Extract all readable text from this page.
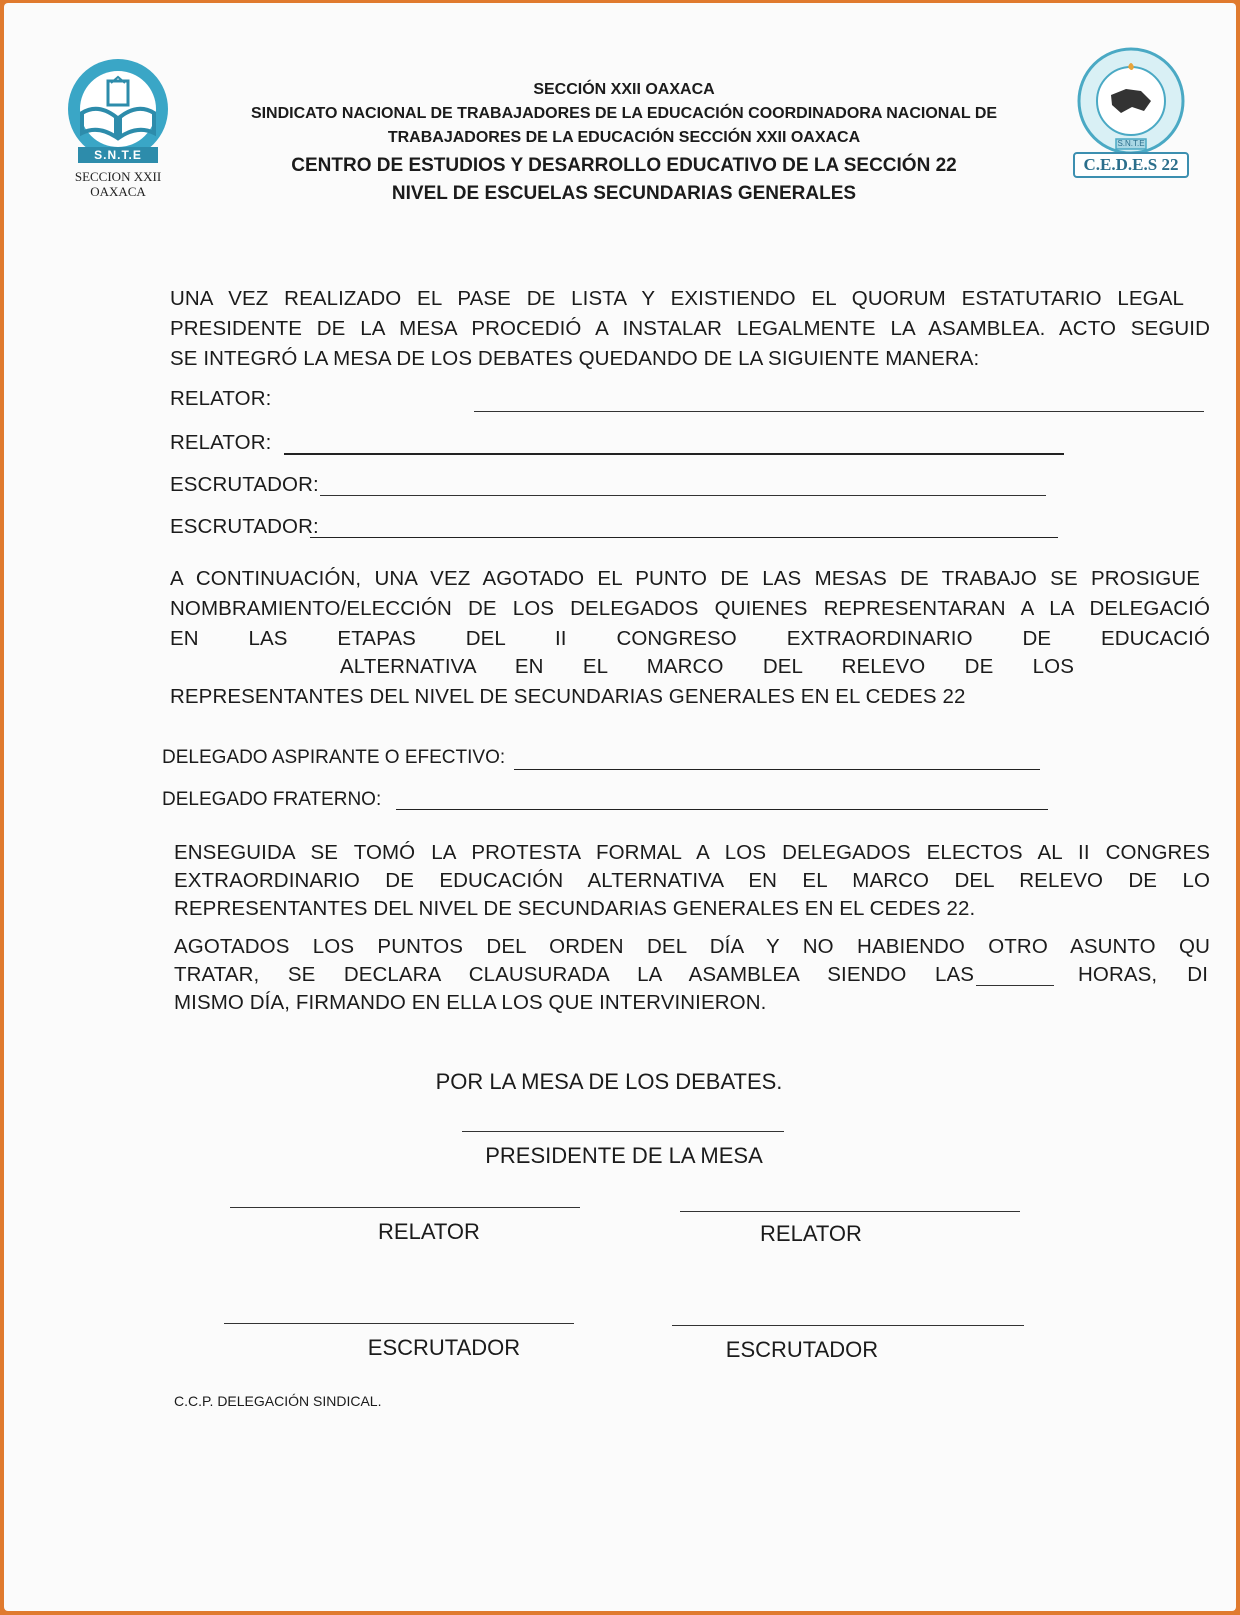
S.N.T.E
SECCION XXII
OAXACA
S.N.T.E
C.E.D.E.S 22
SECCIÓN XXII OAXACA
SINDICATO NACIONAL DE TRABAJADORES DE LA EDUCACIÓN COORDINADORA NACIONAL DE
TRABAJADORES DE LA EDUCACIÓN SECCIÓN XXII OAXACA
CENTRO DE ESTUDIOS Y DESARROLLO EDUCATIVO DE LA SECCIÓN 22
NIVEL DE ESCUELAS SECUNDARIAS GENERALES
UNA VEZ REALIZADO EL PASE DE LISTA Y EXISTIENDO EL QUORUM ESTATUTARIO LEGAL
PRESIDENTE DE LA MESA PROCEDIÓ A INSTALAR LEGALMENTE LA ASAMBLEA. ACTO SEGUID
SE INTEGRÓ LA MESA DE LOS DEBATES QUEDANDO DE LA SIGUIENTE MANERA:
RELATOR:
RELATOR:
ESCRUTADOR:
ESCRUTADOR:
A CONTINUACIÓN, UNA VEZ AGOTADO EL PUNTO DE LAS MESAS DE TRABAJO SE PROSIGUE
NOMBRAMIENTO/ELECCIÓN DE LOS DELEGADOS QUIENES REPRESENTARAN A LA DELEGACIÓ
EN LAS ETAPAS DEL II CONGRESO EXTRAORDINARIO DE EDUCACIÓ
ALTERNATIVA EN EL MARCO DEL RELEVO DE LOS
REPRESENTANTES DEL NIVEL DE SECUNDARIAS GENERALES EN EL CEDES 22
DELEGADO ASPIRANTE O EFECTIVO:
DELEGADO FRATERNO:
ENSEGUIDA SE TOMÓ LA PROTESTA FORMAL A LOS DELEGADOS ELECTOS AL II CONGRES
EXTRAORDINARIO DE EDUCACIÓN ALTERNATIVA EN EL MARCO DEL RELEVO DE LO
REPRESENTANTES DEL NIVEL DE SECUNDARIAS GENERALES EN EL CEDES 22.
AGOTADOS LOS PUNTOS DEL ORDEN DEL DÍA Y NO HABIENDO OTRO ASUNTO QU
TRATAR, SE DECLARA CLAUSURADA LA ASAMBLEA SIENDO LAS	HORAS, DI
MISMO DÍA, FIRMANDO EN ELLA LOS QUE INTERVINIERON.
POR LA MESA DE LOS DEBATES.
PRESIDENTE DE LA MESA
RELATOR	RELATOR
ESCRUTADOR	ESCRUTADOR
C.C.P. DELEGACIÓN SINDICAL.
